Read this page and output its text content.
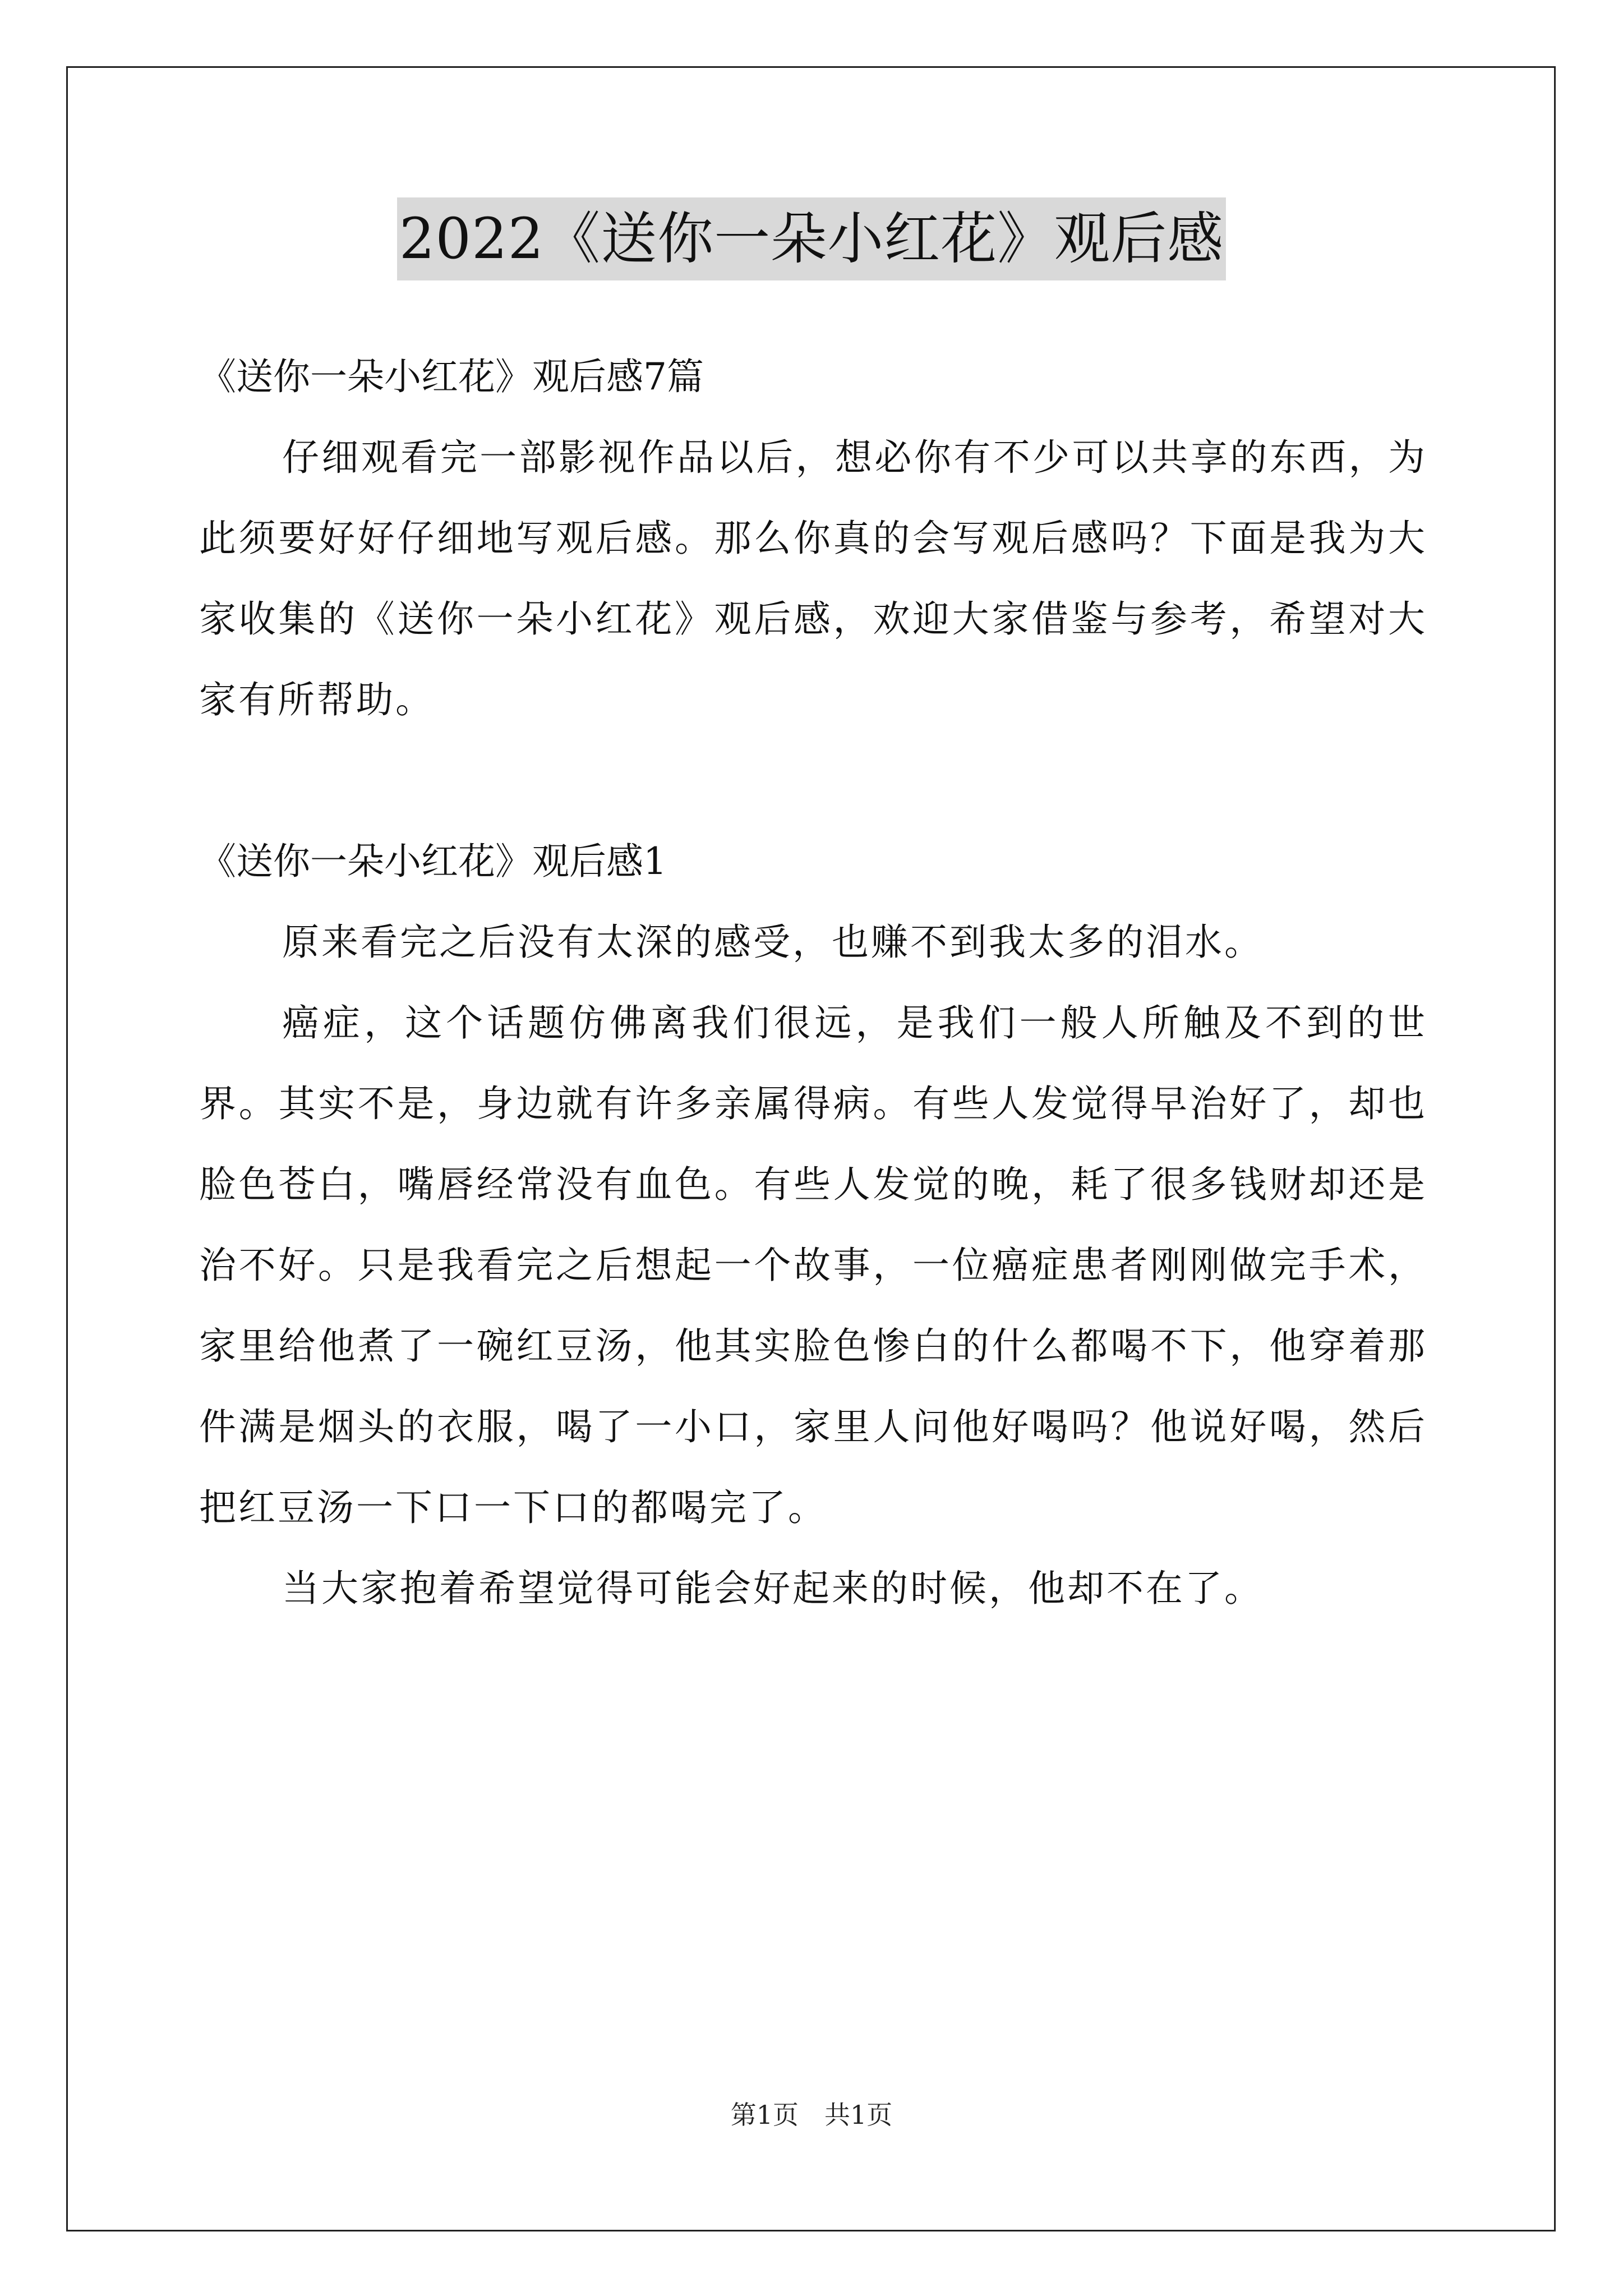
2022《送你一朵小红花》观后感

《送你一朵小红花》观后感7篇

仔细观看完一部影视作品以后，想必你有不少可以共享的东西，为此须要好好仔细地写观后感。那么你真的会写观后感吗？下面是我为大家收集的《送你一朵小红花》观后感，欢迎大家借鉴与参考，希望对大家有所帮助。

《送你一朵小红花》观后感1

原来看完之后没有太深的感受，也赚不到我太多的泪水。

癌症，这个话题仿佛离我们很远，是我们一般人所触及不到的世界。其实不是，身边就有许多亲属得病。有些人发觉得早治好了，却也脸色苍白，嘴唇经常没有血色。有些人发觉的晚，耗了很多钱财却还是治不好。只是我看完之后想起一个故事，一位癌症患者刚刚做完手术，家里给他煮了一碗红豆汤，他其实脸色惨白的什么都喝不下，他穿着那件满是烟头的衣服，喝了一小口，家里人问他好喝吗？他说好喝，然后把红豆汤一下口一下口的都喝完了。

当大家抱着希望觉得可能会好起来的时候，他却不在了。

第1页 共1页
